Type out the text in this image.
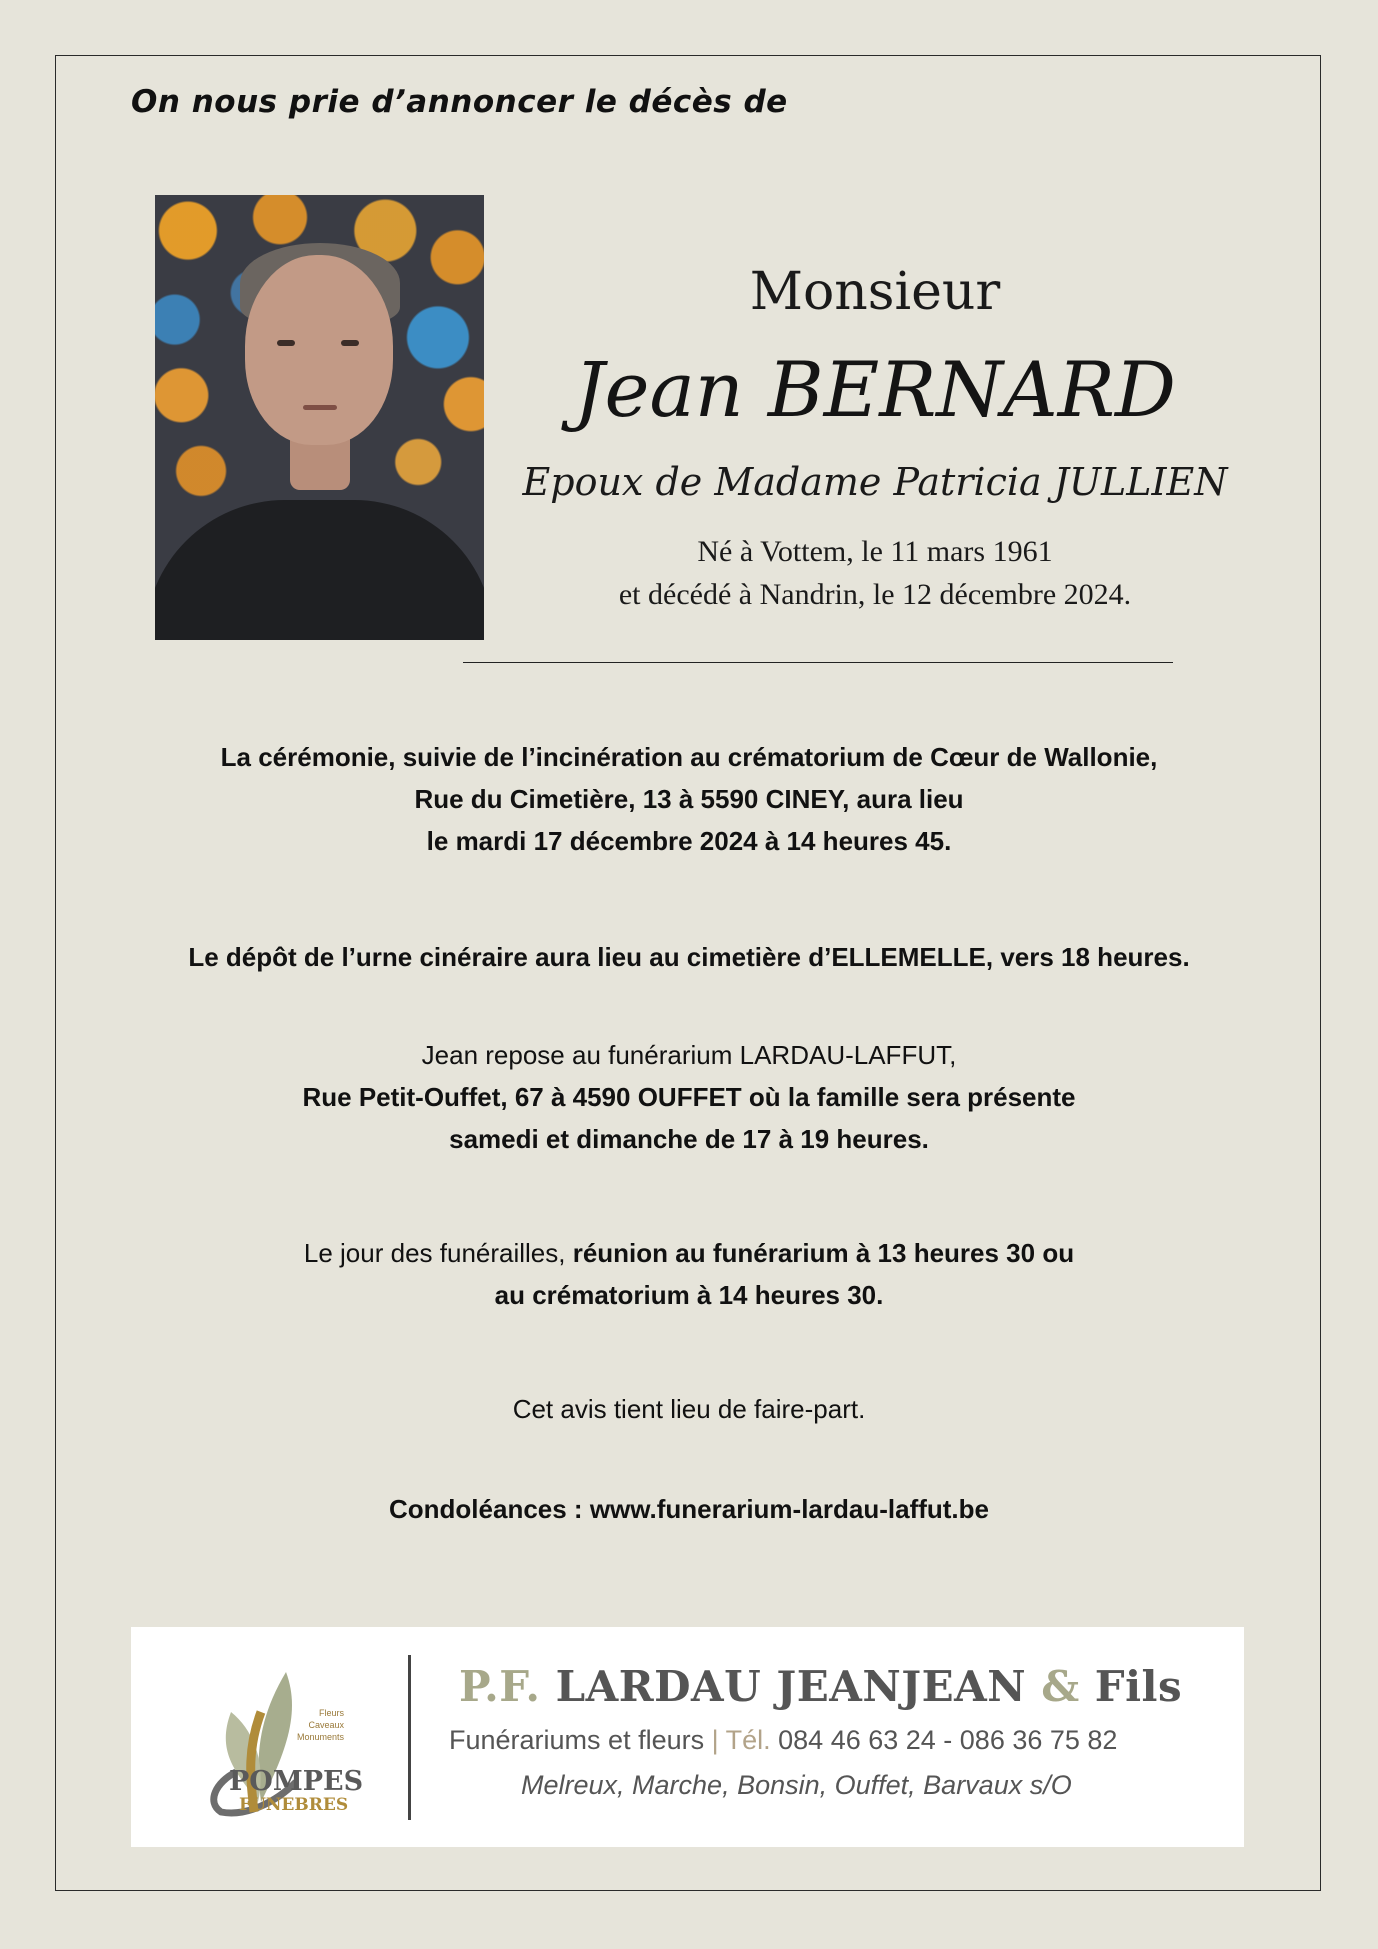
On nous prie d’annoncer le décès de
Monsieur
Jean BERNARD
Epoux de Madame Patricia JULLIEN
Né à Vottem, le 11 mars 1961
et décédé à Nandrin, le 12 décembre 2024.
La cérémonie, suivie de l’incinération au crématorium de Cœur de Wallonie,
Rue du Cimetière, 13 à 5590 CINEY, aura lieu
le mardi 17 décembre 2024 à 14 heures 45.
Le dépôt de l’urne cinéraire aura lieu au cimetière d’ELLEMELLE, vers 18 heures.
Jean repose au funérarium LARDAU-LAFFUT,
Rue Petit-Ouffet, 67 à 4590 OUFFET où la famille sera présente
samedi et dimanche de 17 à 19 heures.
Le jour des funérailles, réunion au funérarium à 13 heures 30 ou
au crématorium à 14 heures 30.
Cet avis tient lieu de faire-part.
Condoléances : www.funerarium-lardau-laffut.be
Fleurs
Caveaux
Monuments
POMPES
FUNEBRES
P.F. LARDAU JEANJEAN & Fils
Funérariums et fleurs | Tél. 084 46 63 24 - 086 36 75 82
Melreux, Marche, Bonsin, Ouffet, Barvaux s/O
